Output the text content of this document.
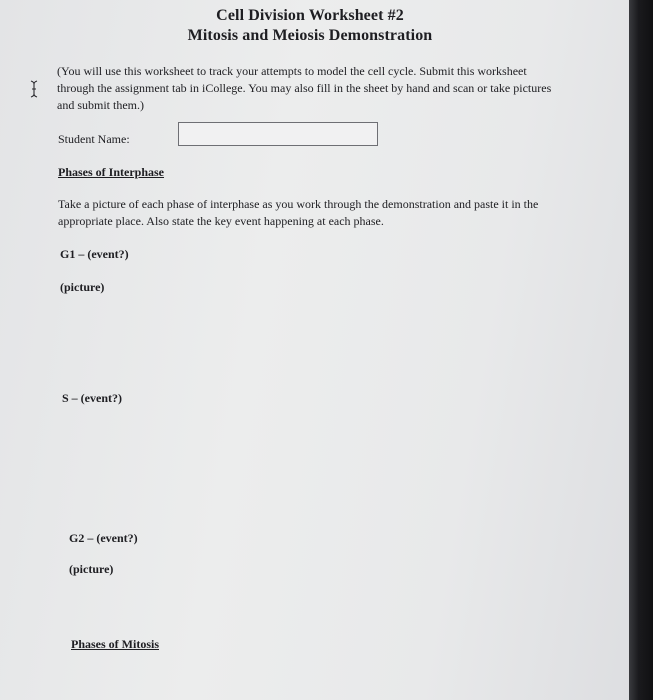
Cell Division Worksheet #2
Mitosis and Meiosis Demonstration
(You will use this worksheet to track your attempts to model the cell cycle. Submit this worksheet through the assignment tab in iCollege. You may also fill in the sheet by hand and scan or take pictures and submit them.)
Student Name:
Phases of Interphase
Take a picture of each phase of interphase as you work through the demonstration and paste it in the appropriate place. Also state the key event happening at each phase.
G1 – (event?)
(picture)
S – (event?)
G2 – (event?)
(picture)
Phases of Mitosis
